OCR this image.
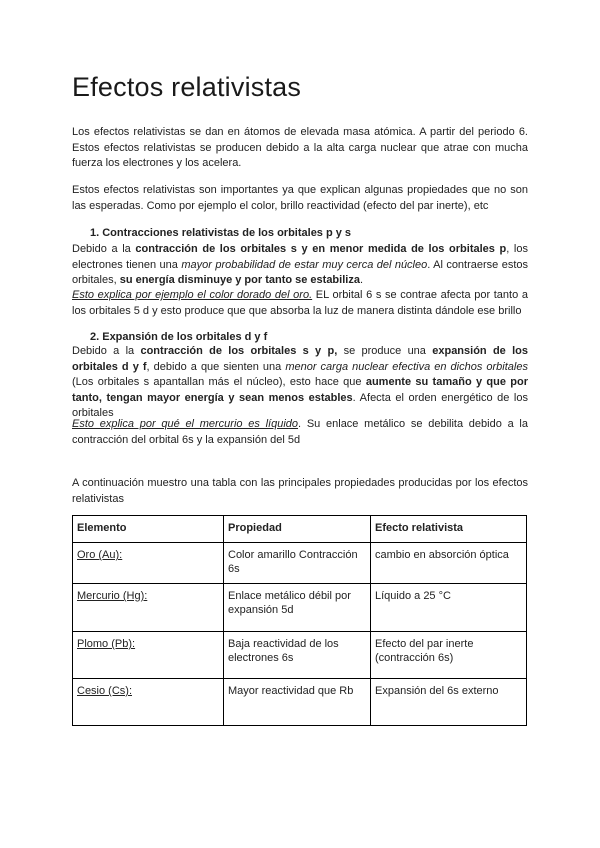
Efectos relativistas

Los efectos relativistas se dan en átomos de elevada masa atómica. A partir del periodo 6. Estos efectos relativistas se producen debido a la alta carga nuclear que atrae con mucha fuerza los electrones y los acelera.

Estos efectos relativistas son importantes ya que explican algunas propiedades que no son las esperadas. Como por ejemplo el color, brillo reactividad (efecto del par inerte), etc

1. Contracciones relativistas de los orbitales p y s

Debido a la contracción de los orbitales s y en menor medida de los orbitales p, los electrones tienen una mayor probabilidad de estar muy cerca del núcleo. Al contraerse estos orbitales, su energía disminuye y por tanto se estabiliza.

Esto explica por ejemplo el color dorado del oro. EL orbital 6 s se contrae afecta por tanto a los orbitales 5 d y esto produce que que absorba la luz de manera distinta dándole ese brillo

2. Expansión de los orbitales d y f

Debido a la contracción de los orbitales s y p, se produce una expansión de los orbitales d y f, debido a que sienten una menor carga nuclear efectiva en dichos orbitales (Los orbitales s apantallan más el núcleo), esto hace que aumente su tamaño y que por tanto, tengan mayor energía y sean menos estables. Afecta el orden energético de los orbitales

Esto explica por qué el mercurio es líquido. Su enlace metálico se debilita debido a la contracción del orbital 6s y la expansión del 5d

A continuación muestro una tabla con las principales propiedades producidas por los efectos relativistas

Elemento	Propiedad	Efecto relativista
Oro (Au):	Color amarillo Contracción 6s	cambio en absorción óptica
Mercurio (Hg):	Enlace metálico débil por expansión 5d	Líquido a 25 °C
Plomo (Pb):	Baja reactividad de los electrones 6s	Efecto del par inerte (contracción 6s)
Cesio (Cs):	Mayor reactividad que Rb	Expansión del 6s externo
